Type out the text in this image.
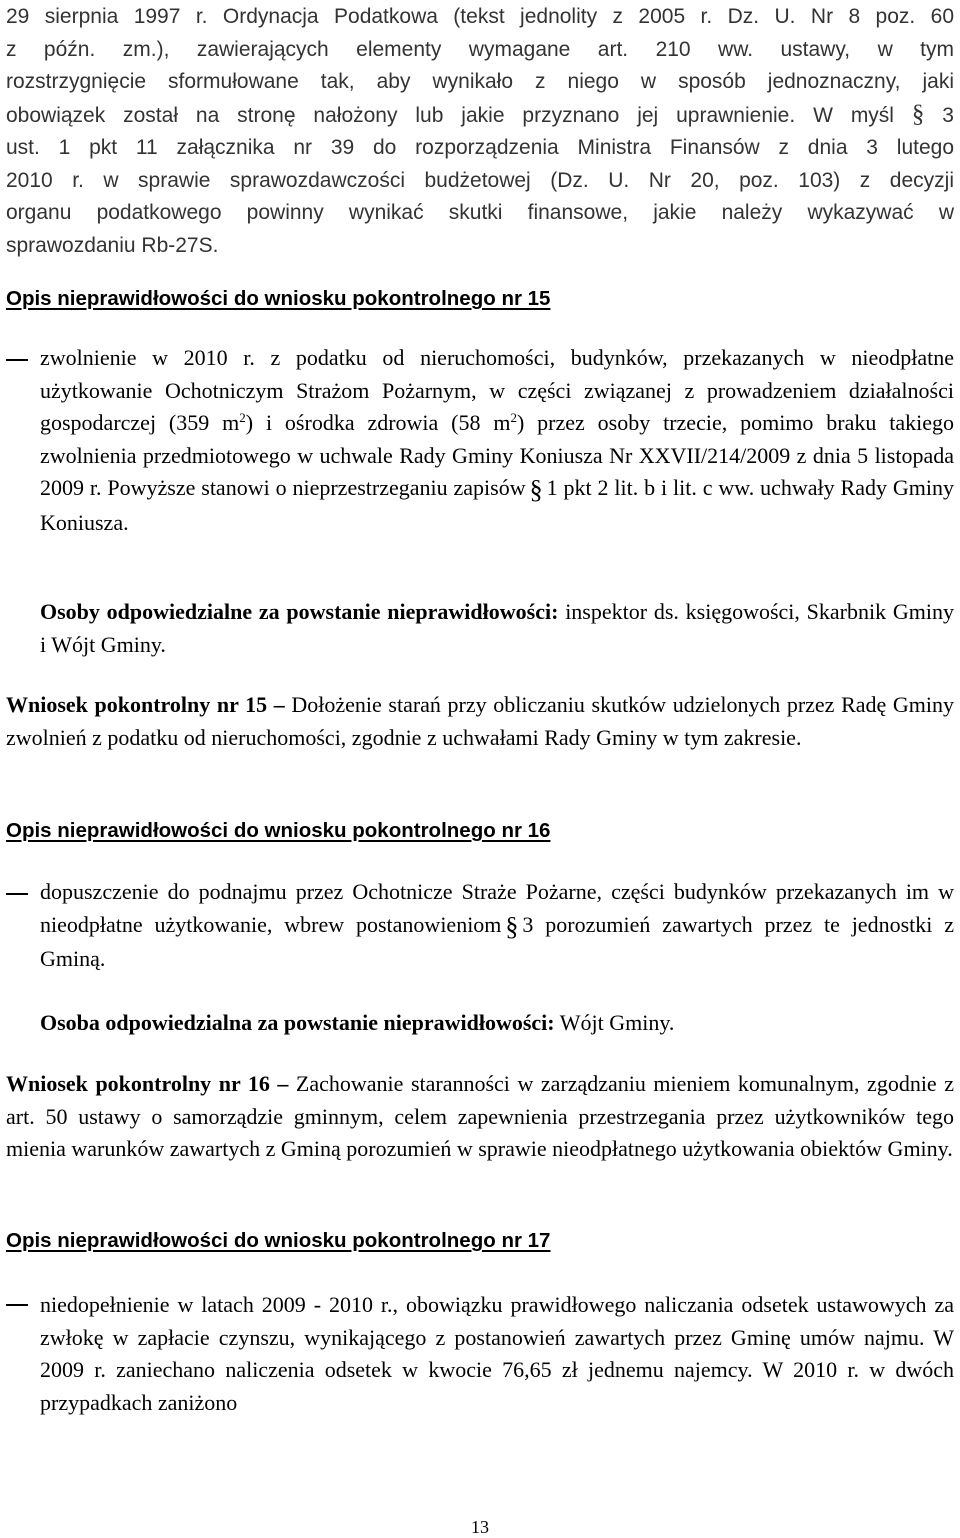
29 sierpnia 1997 r. Ordynacja Podatkowa (tekst jednolity z 2005 r. Dz. U. Nr 8 poz. 60
z późn. zm.), zawierających elementy wymagane art. 210 ww. ustawy, w tym
rozstrzygnięcie sformułowane tak, aby wynikało z niego w sposób jednoznaczny, jaki
obowiązek został na stronę nałożony lub jakie przyznano jej uprawnienie. W myśl § 3
ust. 1 pkt 11 załącznika nr 39 do rozporządzenia Ministra Finansów z dnia 3 lutego
2010 r. w sprawie sprawozdawczości budżetowej (Dz. U. Nr 20, poz. 103) z decyzji
organu podatkowego powinny wynikać skutki finansowe, jakie należy wykazywać w
sprawozdaniu Rb-27S.
Opis nieprawidłowości do wniosku pokontrolnego nr 15

zwolnienie w 2010 r. z podatku od nieruchomości, budynków, przekazanych w nieodpłatne użytkowanie Ochotniczym Strażom Pożarnym, w części związanej z prowadzeniem działalności gospodarczej (359 $m^2$) i ośrodka zdrowia (58 $m^2$) przez osoby trzecie, pomimo braku takiego zwolnienia przedmiotowego w uchwale Rady Gminy Koniusza Nr XXVII/214/2009 z dnia 5 listopada 2009 r. Powyższe stanowi o nieprzestrzeganiu zapisów § 1 pkt 2 lit. b i lit. c ww. uchwały Rady Gminy Koniusza.

Osoby odpowiedzialne za powstanie nieprawidłowości: inspektor ds. księgowości, Skarbnik Gminy i Wójt Gminy.

Wniosek pokontrolny nr 15 – Dołożenie starań przy obliczaniu skutków udzielonych przez Radę Gminy zwolnień z podatku od nieruchomości, zgodnie z uchwałami Rady Gminy w tym zakresie.

Opis nieprawidłowości do wniosku pokontrolnego nr 16

dopuszczenie do podnajmu przez Ochotnicze Straże Pożarne, części budynków przekazanych im w nieodpłatne użytkowanie, wbrew postanowieniom § 3 porozumień zawartych przez te jednostki z Gminą.

Osoba odpowiedzialna za powstanie nieprawidłowości: Wójt Gminy.

Wniosek pokontrolny nr 16 – Zachowanie staranności w zarządzaniu mieniem komunalnym, zgodnie z art. 50 ustawy o samorządzie gminnym, celem zapewnienia przestrzegania przez użytkowników tego mienia warunków zawartych z Gminą porozumień w sprawie nieodpłatnego użytkowania obiektów Gminy.

Opis nieprawidłowości do wniosku pokontrolnego nr 17

niedopełnienie w latach 2009 - 2010 r., obowiązku prawidłowego naliczania odsetek ustawowych za zwłokę w zapłacie czynszu, wynikającego z postanowień zawartych przez Gminę umów najmu. W 2009 r. zaniechano naliczenia odsetek w kwocie 76,65 zł jednemu najemcy. W 2010 r. w dwóch przypadkach zaniżono

13
